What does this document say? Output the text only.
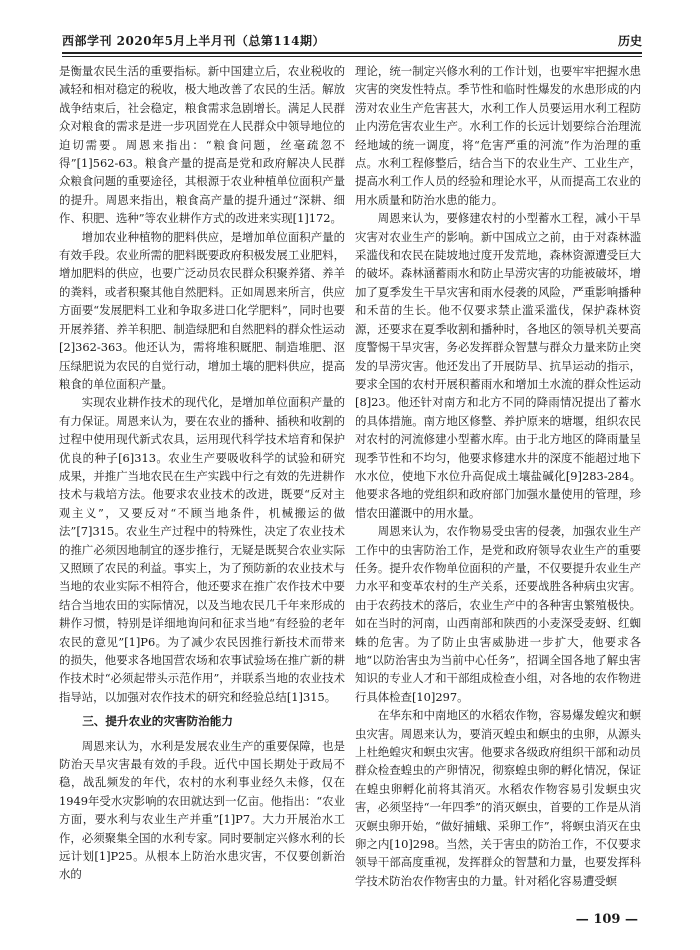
西部学刊 2020年5月上半月刊（总第114期）	历史

是衡量农民生活的重要指标。新中国建立后，农业税收的减轻和相对稳定的税收，极大地改善了农民的生活。解放战争结束后，社会稳定，粮食需求急剧增长。满足人民群众对粮食的需求是进一步巩固党在人民群众中领导地位的迫切需要。周恩来指出：“粮食问题，丝毫疏忽不得”[1]562-63。粮食产量的提高是党和政府解决人民群众粮食问题的重要途径，其根源于农业种植单位面积产量的提升。周恩来指出，粮食高产量的提升通过“深耕、细作、积肥、选种”等农业耕作方式的改进来实现[1]172。

增加农业种植物的肥料供应，是增加单位面积产量的有效手段。农业所需的肥料既要政府积极发展工业肥料，增加肥料的供应，也要广泛动员农民群众积聚养猪、养羊的粪料，或者积聚其他自然肥料。正如周恩来所言，供应方面要“发展肥料工业和争取多进口化学肥料”，同时也要开展养猪、养羊积肥、制造绿肥和自然肥料的群众性运动[2]362-363。他还认为，需将堆积厩肥、制造堆肥、沤压绿肥说为农民的自觉行动，增加土壤的肥料供应，提高粮食的单位面积产量。

实现农业耕作技术的现代化，是增加单位面积产量的有力保证。周恩来认为，要在农业的播种、插秧和收割的过程中使用现代新式农具，运用现代科学技术培育和保护优良的种子[6]313。农业生产要吸收科学的试验和研究成果，并推广当地农民在生产实践中行之有效的先进耕作技术与栽培方法。他要求农业技术的改进，既要“反对主观主义”，又要反对“不顾当地条件，机械搬运的做法”[7]315。农业生产过程中的特殊性，决定了农业技术的推广必须因地制宜的逐步推行，无疑是既契合农业实际又照顾了农民的利益。事实上，为了预防新的农业技术与当地的农业实际不相符合，他还要求在推广农作技术中要结合当地农田的实际情况，以及当地农民几千年来形成的耕作习惯，特别是详细地询问和征求当地“有经验的老年农民的意见”[1]P6。为了减少农民因推行新技术而带来的损失，他要求各地国营农场和农事试验场在推广新的耕作技术时“必须起带头示范作用”，并联系当地的农业技术指导站，以加强对农作技术的研究和经验总结[1]315。

三、提升农业的灾害防治能力

周恩来认为，水利是发展农业生产的重要保障，也是防治天旱灾害最有效的手段。近代中国长期处于政局不稳，战乱频发的年代，农村的水利事业经久未修，仅在1949年受水灾影响的农田就达到一亿亩。他指出：“农业方面，要水利与农业生产并重”[1]P7。大力开展治水工作，必须聚集全国的水利专家。同时要制定兴修水利的长远计划[1]P25。从根本上防治水患灾害，不仅要创新治水的

理论，统一制定兴修水利的工作计划，也要牢牢把握水患灾害的突发性特点。季节性和临时性爆发的水患形成的内涝对农业生产危害甚大，水利工作人员要运用水利工程防止内涝危害农业生产。水利工作的长远计划要综合治理流经地域的统一调度，将“危害严重的河流”作为治理的重点。水利工程修整后，结合当下的农业生产、工业生产，提高水利工作人员的经验和理论水平，从而提高工农业的用水质量和防治水患的能力。

周恩来认为，要修建农村的小型蓄水工程，减小干旱灾害对农业生产的影响。新中国成立之前，由于对森林滥采滥伐和农民在陡坡地过度开发荒地，森林资源遭受巨大的破坏。森林涵蓄雨水和防止旱涝灾害的功能被破坏，增加了夏季发生干旱灾害和雨水侵袭的风险，严重影响播种和禾苗的生长。他不仅要求禁止滥采滥伐，保护森林资源，还要求在夏季收割和播种时，各地区的领导机关要高度警惕干旱灾害，务必发挥群众智慧与群众力量来防止突发的旱涝灾害。他还发出了开展防旱、抗旱运动的指示，要求全国的农村开展积蓄雨水和增加土水流的群众性运动[8]23。他还针对南方和北方不同的降雨情况提出了蓄水的具体措施。南方地区修整、养护原来的塘堰，组织农民对农村的河流修建小型蓄水库。由于北方地区的降雨量呈现季节性和不均匀，他要求修建水井的深度不能超过地下水水位，使地下水位升高促成土壤盐碱化[9]283-284。他要求各地的党组织和政府部门加强水量使用的管理，珍惜农田灌溉中的用水量。

周恩来认为，农作物易受虫害的侵袭，加强农业生产工作中的虫害防治工作，是党和政府领导农业生产的重要任务。提升农作物单位面积的产量，不仅要提升农业生产力水平和变革农村的生产关系，还要战胜各种病虫灾害。由于农药技术的落后，农业生产中的各种害虫繁殖极快。如在当时的河南，山西南部和陕西的小麦深受麦蚜、红蜘蛛的危害。为了防止虫害威胁进一步扩大，他要求各地“以防治害虫为当前中心任务”，招调全国各地了解虫害知识的专业人才和干部组成检查小组，对各地的农作物进行具体检查[10]297。

在华东和中南地区的水稻农作物，容易爆发蝗灾和螟虫灾害。周恩来认为，要消灭蝗虫和螟虫的虫卵，从源头上杜绝蝗灾和螟虫灾害。他要求各级政府组织干部和动员群众检查蝗虫的产卵情况，彻察蝗虫卵的孵化情况，保证在蝗虫卵孵化前将其消灭。水稻农作物容易引发螟虫灾害，必须坚持“一年四季”的消灭螟虫，首要的工作是从消灭螟虫卵开始，“做好捕蛾、采卵工作”，将螟虫消灭在虫卵之内[10]298。当然，关于害虫的防治工作，不仅要求领导干部高度重视，发挥群众的智慧和力量，也要发挥科学技术防治农作物害虫的力量。针对稻化容易遭受螟

— 109 —
